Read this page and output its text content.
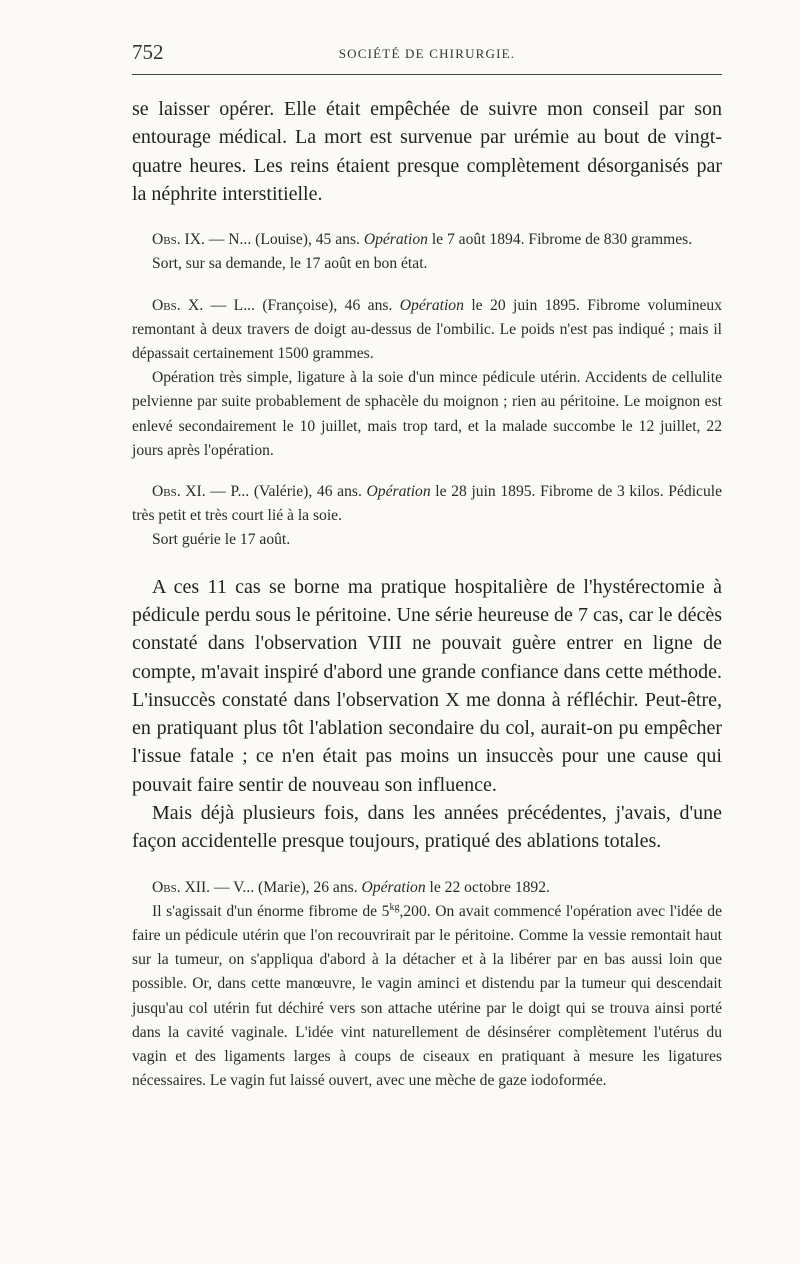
752	SOCIÉTÉ DE CHIRURGIE.

se laisser opérer. Elle était empêchée de suivre mon conseil par son entourage médical. La mort est survenue par urémie au bout de vingt-quatre heures. Les reins étaient presque complètement désorganisés par la néphrite interstitielle.

Obs. IX. — N... (Louise), 45 ans. Opération le 7 août 1894. Fibrome de 830 grammes.

Sort, sur sa demande, le 17 août en bon état.

Obs. X. — L... (Françoise), 46 ans. Opération le 20 juin 1895. Fibrome volumineux remontant à deux travers de doigt au-dessus de l'ombilic. Le poids n'est pas indiqué ; mais il dépassait certainement 1500 grammes.

Opération très simple, ligature à la soie d'un mince pédicule utérin. Accidents de cellulite pelvienne par suite probablement de sphacèle du moignon ; rien au péritoine. Le moignon est enlevé secondairement le 10 juillet, mais trop tard, et la malade succombe le 12 juillet, 22 jours après l'opération.

Obs. XI. — P... (Valérie), 46 ans. Opération le 28 juin 1895. Fibrome de 3 kilos. Pédicule très petit et très court lié à la soie.

Sort guérie le 17 août.

A ces 11 cas se borne ma pratique hospitalière de l'hystérectomie à pédicule perdu sous le péritoine. Une série heureuse de 7 cas, car le décès constaté dans l'observation VIII ne pouvait guère entrer en ligne de compte, m'avait inspiré d'abord une grande confiance dans cette méthode. L'insuccès constaté dans l'observation X me donna à réfléchir. Peut-être, en pratiquant plus tôt l'ablation secondaire du col, aurait-on pu empêcher l'issue fatale ; ce n'en était pas moins un insuccès pour une cause qui pouvait faire sentir de nouveau son influence.

Mais déjà plusieurs fois, dans les années précédentes, j'avais, d'une façon accidentelle presque toujours, pratiqué des ablations totales.

Obs. XII. — V... (Marie), 26 ans. Opération le 22 octobre 1892.

Il s'agissait d'un énorme fibrome de $5^{kg},200$. On avait commencé l'opération avec l'idée de faire un pédicule utérin que l'on recouvrirait par le péritoine. Comme la vessie remontait haut sur la tumeur, on s'appliqua d'abord à la détacher et à la libérer par en bas aussi loin que possible. Or, dans cette manœuvre, le vagin aminci et distendu par la tumeur qui descendait jusqu'au col utérin fut déchiré vers son attache utérine par le doigt qui se trouva ainsi porté dans la cavité vaginale. L'idée vint naturellement de désinsérer complètement l'utérus du vagin et des ligaments larges à coups de ciseaux en pratiquant à mesure les ligatures nécessaires. Le vagin fut laissé ouvert, avec une mèche de gaze iodoformée.
